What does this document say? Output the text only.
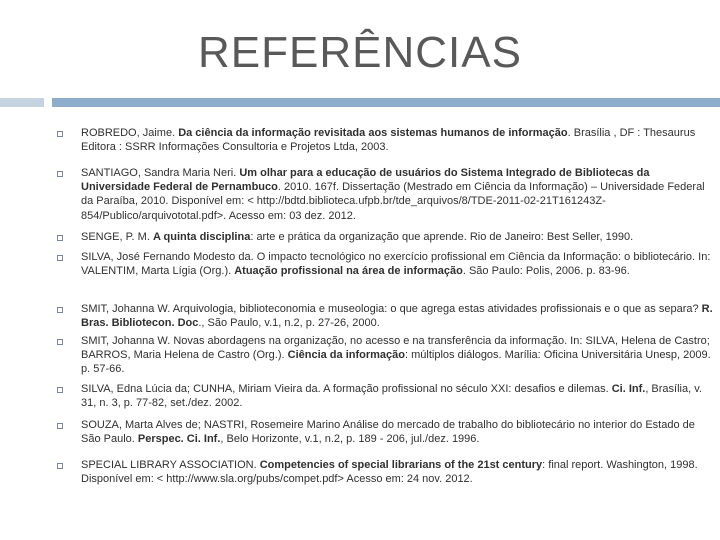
REFERÊNCIAS
ROBREDO, Jaime. Da ciência da informação revisitada aos sistemas humanos de informação. Brasília , DF : Thesaurus Editora : SSRR Informações Consultoria e Projetos Ltda, 2003.
SANTIAGO, Sandra Maria Neri. Um olhar para a educação de usuários do Sistema Integrado de Bibliotecas da Universidade Federal de Pernambuco. 2010. 167f. Dissertação (Mestrado em Ciência da Informação) – Universidade Federal da Paraíba, 2010. Disponível em: < http://bdtd.biblioteca.ufpb.br/tde_arquivos/8/TDE-2011-02-21T161243Z-854/Publico/arquivototal.pdf>. Acesso em: 03 dez. 2012.
SENGE, P. M. A quinta disciplina: arte e prática da organização que aprende. Rio de Janeiro: Best Seller, 1990.
SILVA, José Fernando Modesto da. O impacto tecnológico no exercício profissional em Ciência da Informação: o bibliotecário. In: VALENTIM, Marta Lígia (Org.). Atuação profissional na área de informação. São Paulo: Polis, 2006. p. 83-96.
SMIT, Johanna W. Arquivologia, biblioteconomia e museologia: o que agrega estas atividades profissionais e o que as separa? R. Bras. Bibliotecon. Doc., São Paulo, v.1, n.2, p. 27-26, 2000.
SMIT, Johanna W. Novas abordagens na organização, no acesso e na transferência da informação. In: SILVA, Helena de Castro; BARROS, Maria Helena de Castro (Org.). Ciência da informação: múltiplos diálogos. Marília: Oficina Universitária Unesp, 2009. p. 57-66.
SILVA, Edna Lúcia da; CUNHA, Miriam Vieira da. A formação profissional no século XXI: desafios e dilemas. Ci. Inf., Brasília, v. 31, n. 3, p. 77-82, set./dez. 2002.
SOUZA, Marta Alves de; NASTRI, Rosemeire Marino Análise do mercado de trabalho do bibliotecário no interior do Estado de São Paulo. Perspec. Ci. Inf., Belo Horizonte, v.1, n.2, p. 189 - 206, jul./dez. 1996.
SPECIAL LIBRARY ASSOCIATION. Competencies of special librarians of the 21st century: final report. Washington, 1998. Disponível em: < http://www.sla.org/pubs/compet.pdf> Acesso em: 24 nov. 2012.
